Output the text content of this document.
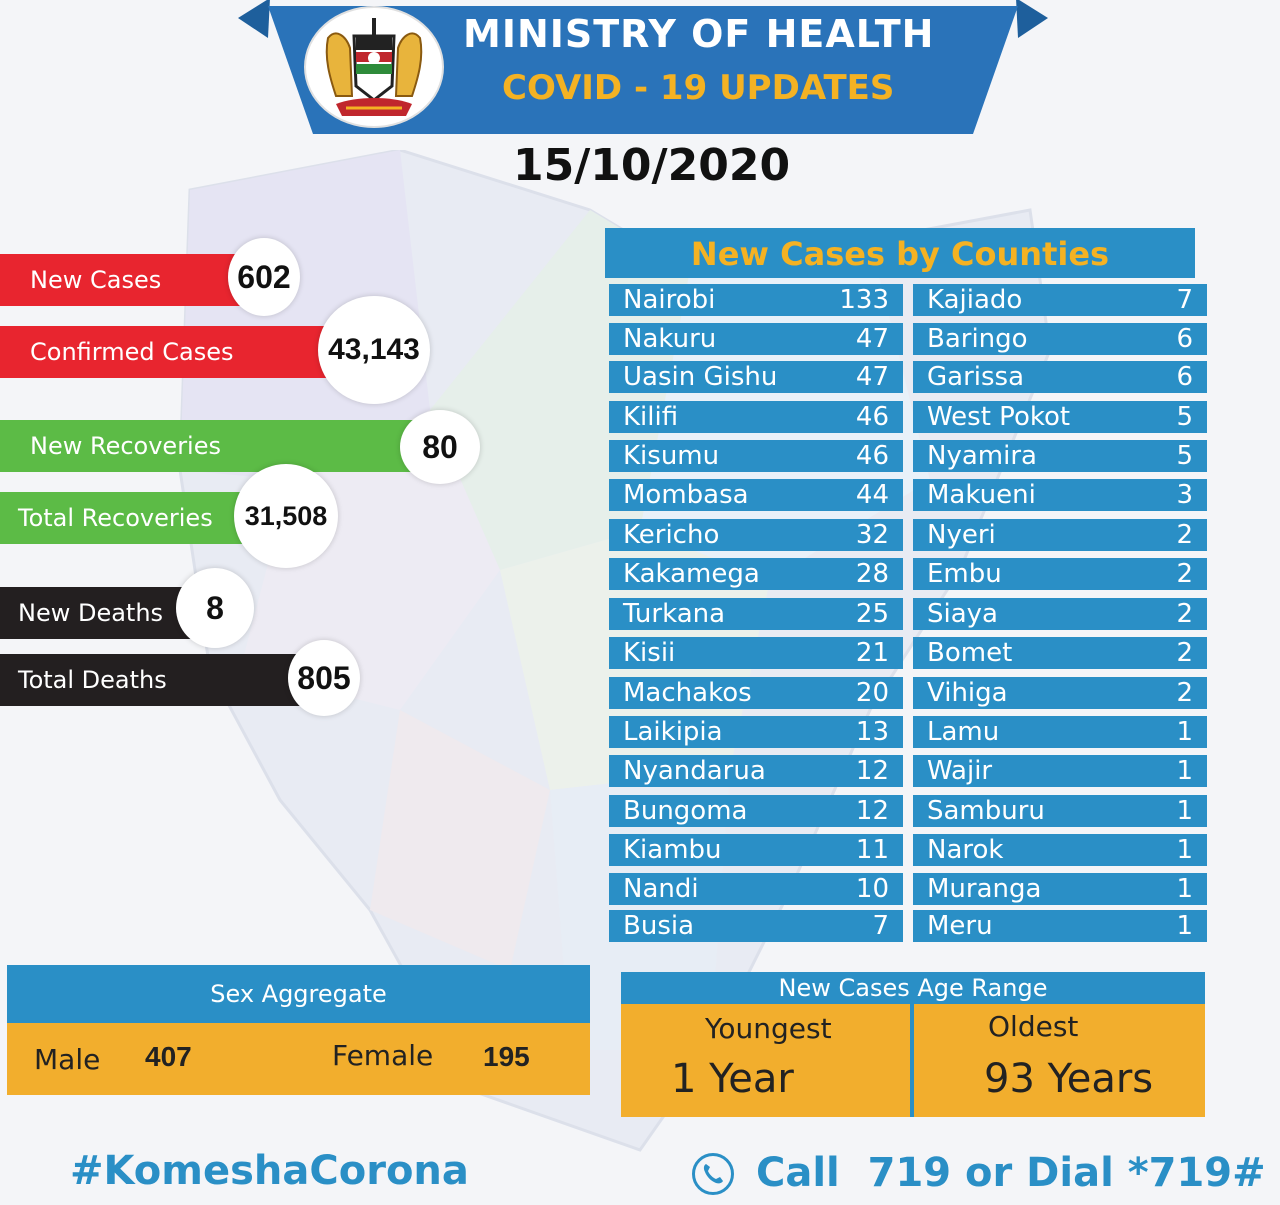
MINISTRY OF HEALTH
COVID - 19 UPDATES
15/10/2020
New Cases 602
Confirmed Cases	43,143
New Recoveries	80
Total Recoveries	31,508
New Deaths	8
Total Deaths	805
New Cases by Counties
Nairobi	133
Nakuru	47
Uasin Gishu	47
Kilifi	46
Kisumu	46
Mombasa	44
Kericho	32
Kakamega	28
Turkana	25
Kisii	21
Machakos	20
Laikipia	13
Nyandarua	12
Bungoma	12
Kiambu	11
Nandi	10
Busia	7
Kajiado	7
Baringo	6
Garissa	6
West Pokot	5
Nyamira	5
Makueni	3
Nyeri	2
Embu	2
Siaya	2
Bomet	2
Vihiga	2
Lamu	1
Wajir	1
Samburu	1
Narok	1
Muranga	1
Meru	1
Sex Aggregate
Male 407	Female 195
New Cases Age Range
Youngest
1 Year
Oldest
93 Years
#KomeshaCorona	Call  719 or Dial *719#
